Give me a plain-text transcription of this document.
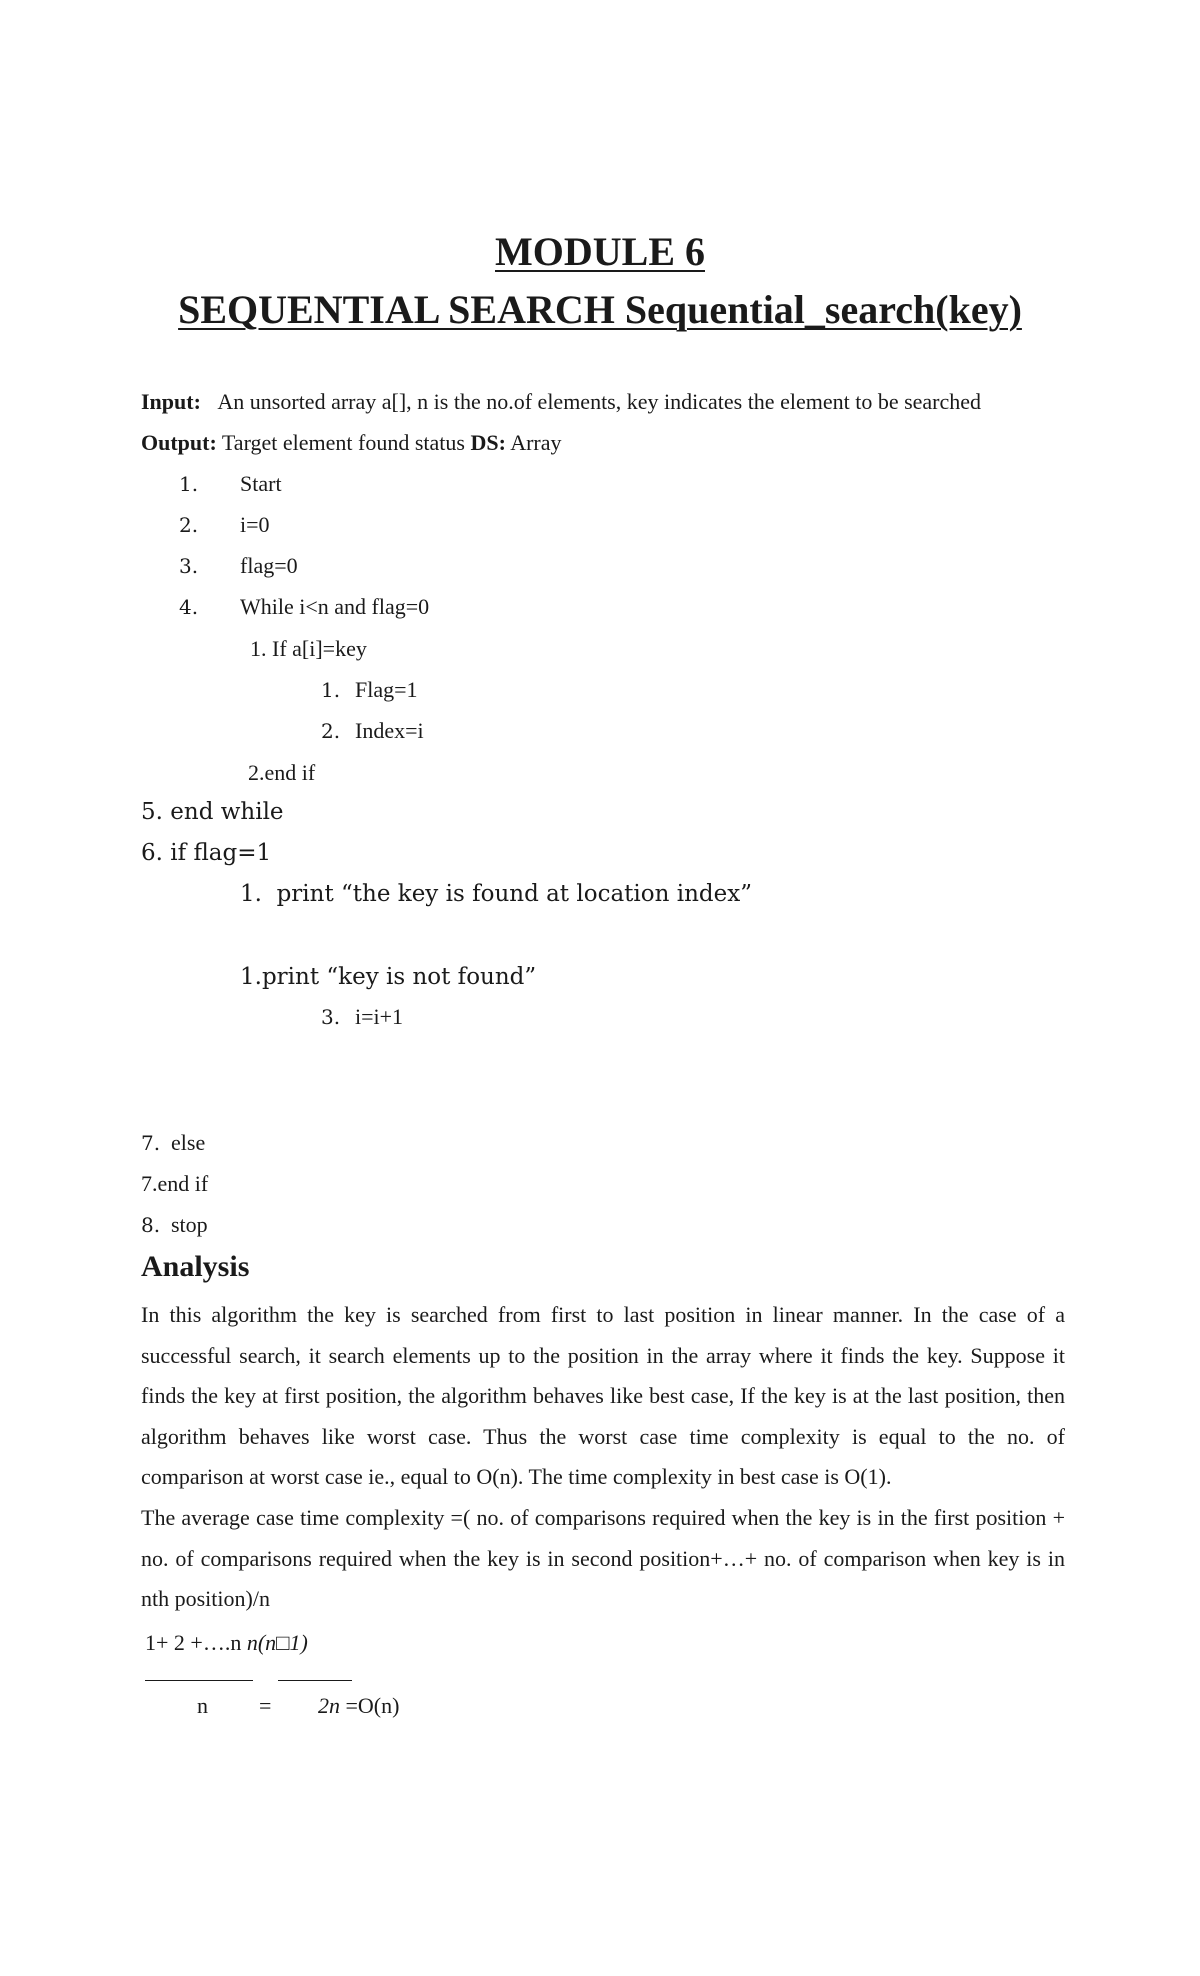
MODULE 6
SEQUENTIAL SEARCH Sequential_search(key)
Input: An unsorted array a[], n is the no.of elements, key indicates the element to be searched
Output: Target element found status DS: Array
1. Start
2. i=0
3. flag=0
4. While i<n and flag=0
1. If a[i]=key
1. Flag=1
2. Index=i
2.end if
5. end while
6. if flag=1
1. print “the key is found at location index”
1.print “key is not found”
3. i=i+1
7. else
7.end if
8. stop
Analysis
In this algorithm the key is searched from first to last position in linear manner. In the case of a successful search, it search elements up to the position in the array where it finds the key. Suppose it finds the key at first position, the algorithm behaves like best case, If the key is at the last position, then algorithm behaves like worst case. Thus the worst case time complexity is equal to the no. of comparison at worst case ie., equal to O(n). The time complexity in best case is O(1).
The average case time complexity =( no. of comparisons required when the key is in the first position + no. of comparisons required when the key is in second position+…+ no. of comparison when key is in nth position)/n
1+ 2 +….n n(n□1)
n = 2n =O(n)
